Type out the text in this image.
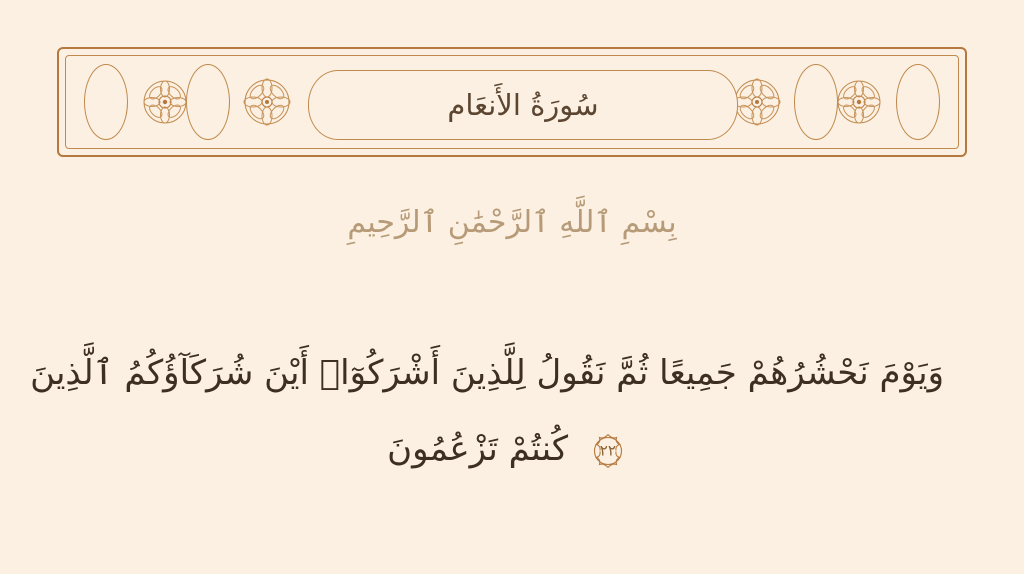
سُورَةُ الأَنعَام
بِسْمِ ٱللَّهِ ٱلرَّحْمَٰنِ ٱلرَّحِيمِ
وَيَوْمَ نَحْشُرُهُمْ جَمِيعًا ثُمَّ نَقُولُ لِلَّذِينَ أَشْرَكُوٓا۟ أَيْنَ شُرَكَآؤُكُمُ ٱلَّذِينَ
٢٢
كُنتُمْ تَزْعُمُونَ
